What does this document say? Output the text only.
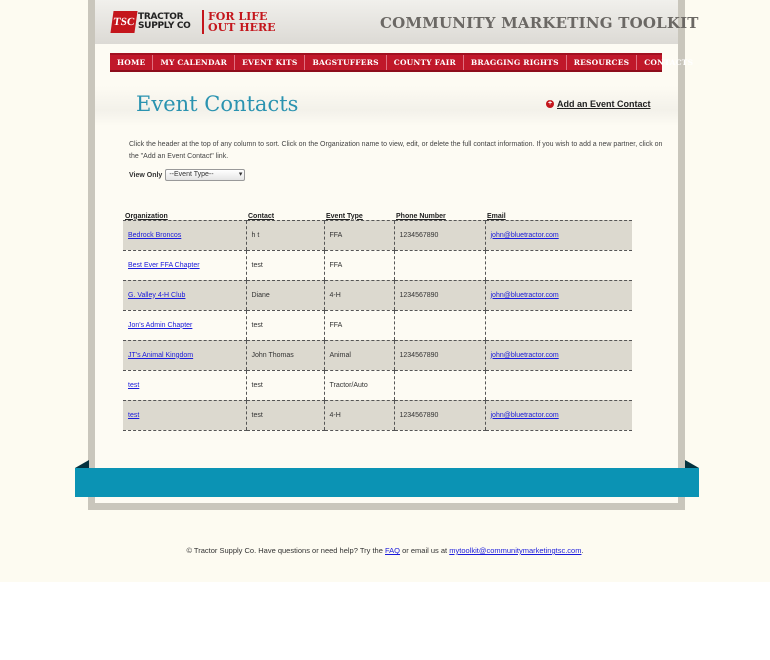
TSC TRACTOR SUPPLY CO
FOR LIFE OUT HERE	COMMUNITY MARKETING TOOLKIT
HOME	MY CALENDAR	EVENT KITS	BAGSTUFFERS	COUNTY FAIR	BRAGGING RIGHTS	RESOURCES	CONTACTS
Event Contacts	+ Add an Event Contact
Click the header at the top of any column to sort. Click on the Organization name to view, edit, or delete the full contact information. If you wish to add a new partner, click on the "Add an Event Contact" link.
View Only	--Event Type-- ▾
Organization	Contact	Event Type	Phone Number	Email
Bedrock Broncos	h t	FFA	1234567890	john@bluetractor.com
Best Ever FFA Chapter	test	FFA		
G. Valley 4-H Club	Diane	4-H	1234567890	john@bluetractor.com
Jon's Admin Chapter	test	FFA		
JT's Animal Kingdom	John Thomas	Animal	1234567890	john@bluetractor.com
test	test	Tractor/Auto		
test	test	4-H	1234567890	john@bluetractor.com
© Tractor Supply Co. Have questions or need help? Try the FAQ or email us at mytoolkit@communitymarketingtsc.com.
